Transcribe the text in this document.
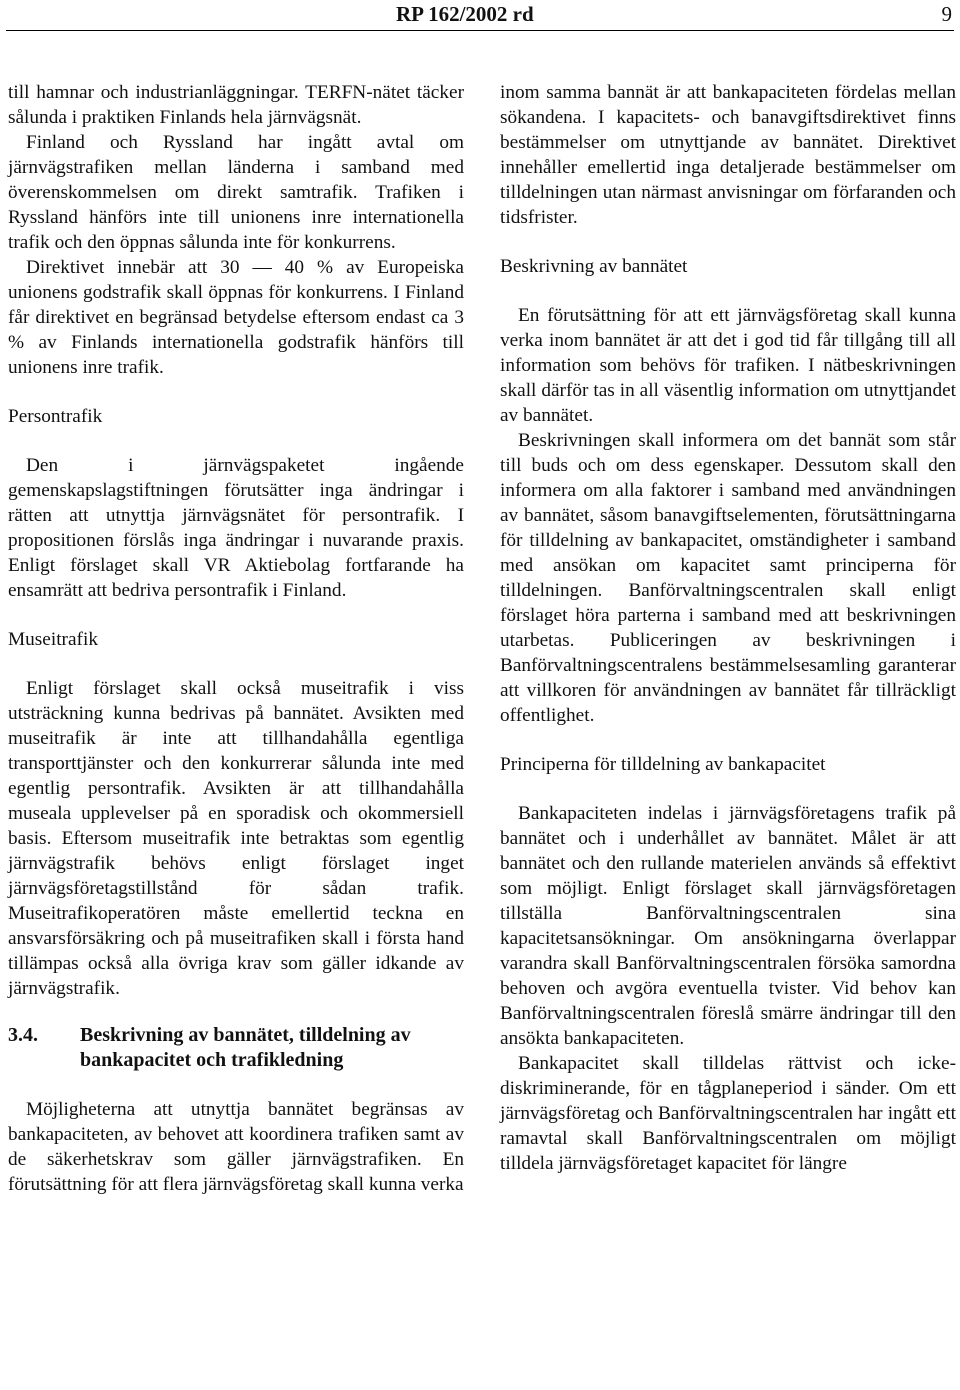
RP 162/2002 rd	9

till hamnar och industrianläggningar. TERFN-nätet täcker sålunda i praktiken Finlands hela järnvägsnät.

Finland och Ryssland har ingått avtal om järnvägstrafiken mellan länderna i samband med överenskommelsen om direkt samtrafik. Trafiken i Ryssland hänförs inte till unionens inre internationella trafik och den öppnas sålunda inte för konkurrens.

Direktivet innebär att 30 — 40 % av Europeiska unionens godstrafik skall öppnas för konkurrens. I Finland får direktivet en begränsad betydelse eftersom endast ca 3 % av Finlands internationella godstrafik hänförs till unionens inre trafik.

Persontrafik

Den i järnvägspaketet ingående gemenskapslagstiftningen förutsätter inga ändringar i rätten att utnyttja järnvägsnätet för persontrafik. I propositionen förslås inga ändringar i nuvarande praxis. Enligt förslaget skall VR Aktiebolag fortfarande ha ensamrätt att bedriva persontrafik i Finland.

Museitrafik

Enligt förslaget skall också museitrafik i viss utsträckning kunna bedrivas på bannätet. Avsikten med museitrafik är inte att tillhandahålla egentliga transporttjänster och den konkurrerar sålunda inte med egentlig persontrafik. Avsikten är att tillhandahålla museala upplevelser på en sporadisk och okommersiell basis. Eftersom museitrafik inte betraktas som egentlig järnvägstrafik behövs enligt förslaget inget järnvägsföretagstillstånd för sådan trafik. Museitrafikoperatören måste emellertid teckna en ansvarsförsäkring och på museitrafiken skall i första hand tillämpas också alla övriga krav som gäller idkande av järnvägstrafik.

3.4.	Beskrivning av bannätet, tilldelning av bankapacitet och trafikledning

Möjligheterna att utnyttja bannätet begränsas av bankapaciteten, av behovet att koordinera trafiken samt av de säkerhetskrav som gäller järnvägstrafiken. En förutsättning för att flera järnvägsföretag skall kunna verka

inom samma bannät är att bankapaciteten fördelas mellan sökandena. I kapacitets- och banavgiftsdirektivet finns bestämmelser om utnyttjande av bannätet. Direktivet innehåller emellertid inga detaljerade bestämmelser om tilldelningen utan närmast anvisningar om förfaranden och tidsfrister.

Beskrivning av bannätet

En förutsättning för att ett järnvägsföretag skall kunna verka inom bannätet är att det i god tid får tillgång till all information som behövs för trafiken. I nätbeskrivningen skall därför tas in all väsentlig information om utnyttjandet av bannätet.

Beskrivningen skall informera om det bannät som står till buds och om dess egenskaper. Dessutom skall den informera om alla faktorer i samband med användningen av bannätet, såsom banavgiftselementen, förutsättningarna för tilldelning av bankapacitet, omständigheter i samband med ansökan om kapacitet samt principerna för tilldelningen. Banförvaltningscentralen skall enligt förslaget höra parterna i samband med att beskrivningen utarbetas. Publiceringen av beskrivningen i Banförvaltningscentralens bestämmelsesamling garanterar att villkoren för användningen av bannätet får tillräckligt offentlighet.

Principerna för tilldelning av bankapacitet

Bankapaciteten indelas i järnvägsföretagens trafik på bannätet och i underhållet av bannätet. Målet är att bannätet och den rullande materielen används så effektivt som möjligt. Enligt förslaget skall järnvägsföretagen tillställa Banförvaltningscentralen sina kapacitetsansökningar. Om ansökningarna överlappar varandra skall Banförvaltningscentralen försöka samordna behoven och avgöra eventuella tvister. Vid behov kan Banförvaltningscentralen föreslå smärre ändringar till den ansökta bankapaciteten.

Bankapacitet skall tilldelas rättvist och icke-diskriminerande, för en tågplaneperiod i sänder. Om ett järnvägsföretag och Banförvaltningscentralen har ingått ett ramavtal skall Banförvaltningscentralen om möjligt tilldela järnvägsföretaget kapacitet för längre
